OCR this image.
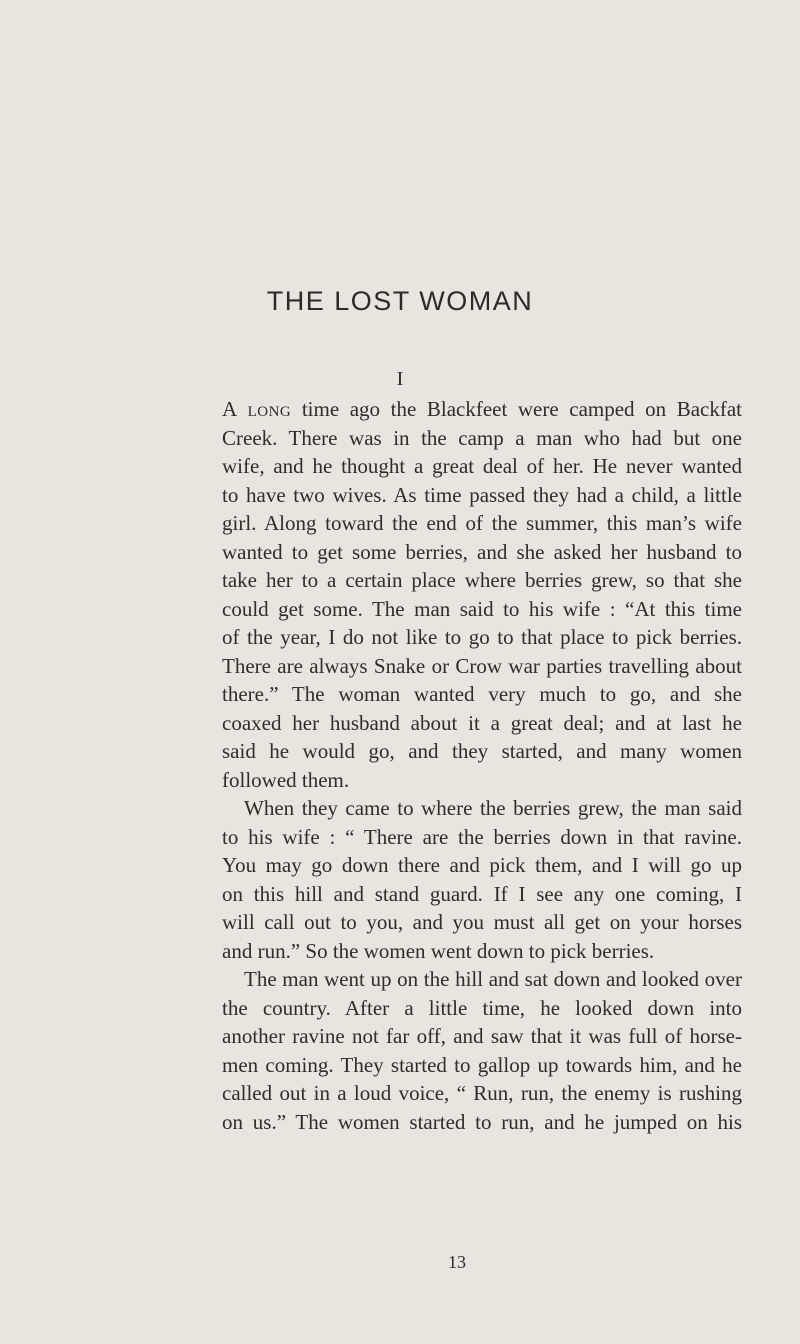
THE LOST WOMAN
I
A long time ago the Blackfeet were camped on Backfat
Creek. There was in the camp a man who had but one
wife, and he thought a great deal of her. He never wanted
to have two wives. As time passed they had a child, a little
girl. Along toward the end of the summer, this man’s wife
wanted to get some berries, and she asked her husband to
take her to a certain place where berries grew, so that she
could get some. The man said to his wife : “At this time
of the year, I do not like to go to that place to pick berries.
There are always Snake or Crow war parties travelling about
there.” The woman wanted very much to go, and she
coaxed her husband about it a great deal; and at last he
said he would go, and they started, and many women
followed them.
When they came to where the berries grew, the man said
to his wife : “ There are the berries down in that ravine.
You may go down there and pick them, and I will go up
on this hill and stand guard. If I see any one coming, I
will call out to you, and you must all get on your horses
and run.” So the women went down to pick berries.
The man went up on the hill and sat down and looked over
the country. After a little time, he looked down into
another ravine not far off, and saw that it was full of horse-
men coming. They started to gallop up towards him, and he
called out in a loud voice, “ Run, run, the enemy is rushing
on us.” The women started to run, and he jumped on his
13
